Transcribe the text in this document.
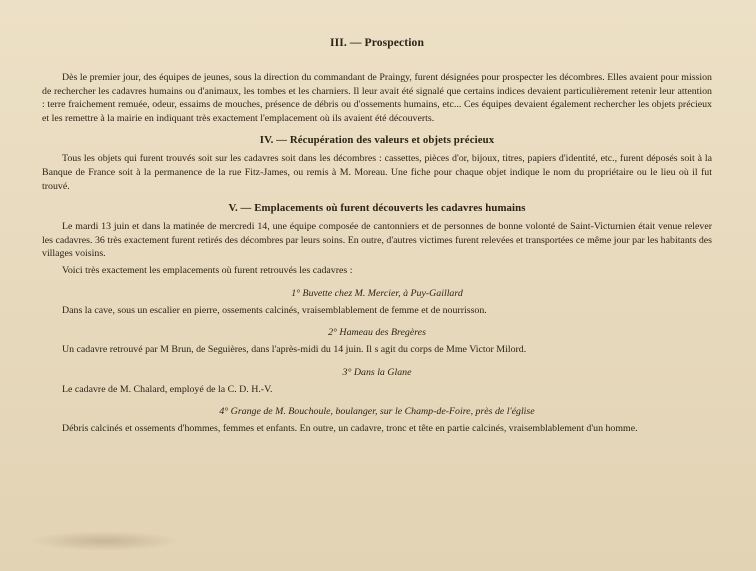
III. — Prospection

Dès le premier jour, des équipes de jeunes, sous la direction du commandant de Praingy, furent désignées pour prospecter les décombres. Elles avaient pour mission de rechercher les cadavres humains ou d'animaux, les tombes et les charniers. Il leur avait été signalé que certains indices devaient particulièrement retenir leur attention : terre fraichement remuée, odeur, essaims de mouches, présence de débris ou d'ossements humains, etc... Ces équipes devaient également rechercher les objets précieux et les remettre à la mairie en indiquant très exactement l'emplacement où ils avaient été découverts.

IV. — Récupération des valeurs et objets précieux

Tous les objets qui furent trouvés soit sur les cadavres soit dans les décombres : cassettes, pièces d'or, bijoux, titres, papiers d'identité, etc., furent déposés soit à la Banque de France soit à la permanence de la rue Fitz-James, ou remis à M. Moreau. Une fiche pour chaque objet indique le nom du propriétaire ou le lieu où il fut trouvé.

V. — Emplacements où furent découverts les cadavres humains

Le mardi 13 juin et dans la matinée de mercredi 14, une équipe composée de cantonniers et de personnes de bonne volonté de Saint-Victurnien était venue relever les cadavres. 36 très exactement furent retirés des décombres par leurs soins. En outre, d'autres victimes furent relevées et transportées ce même jour par les habitants des villages voisins.

Voici très exactement les emplacements où furent retrouvés les cadavres :

1° Buvette chez M. Mercier, à Puy-Gaillard

Dans la cave, sous un escalier en pierre, ossements calcinés, vraisemblablement de femme et de nourrisson.

2° Hameau des Bregères

Un cadavre retrouvé par M Brun, de Seguières, dans l'après-midi du 14 juin. Il s agit du corps de Mme Victor Milord.

3° Dans la Glane

Le cadavre de M. Chalard, employé de la C. D. H.-V.

4° Grange de M. Bouchoule, boulanger, sur le Champ-de-Foire, près de l'église

Débris calcinés et ossements d'hommes, femmes et enfants. En outre, un cadavre, tronc et tête en partie calcinés, vraisemblablement d'un homme.
